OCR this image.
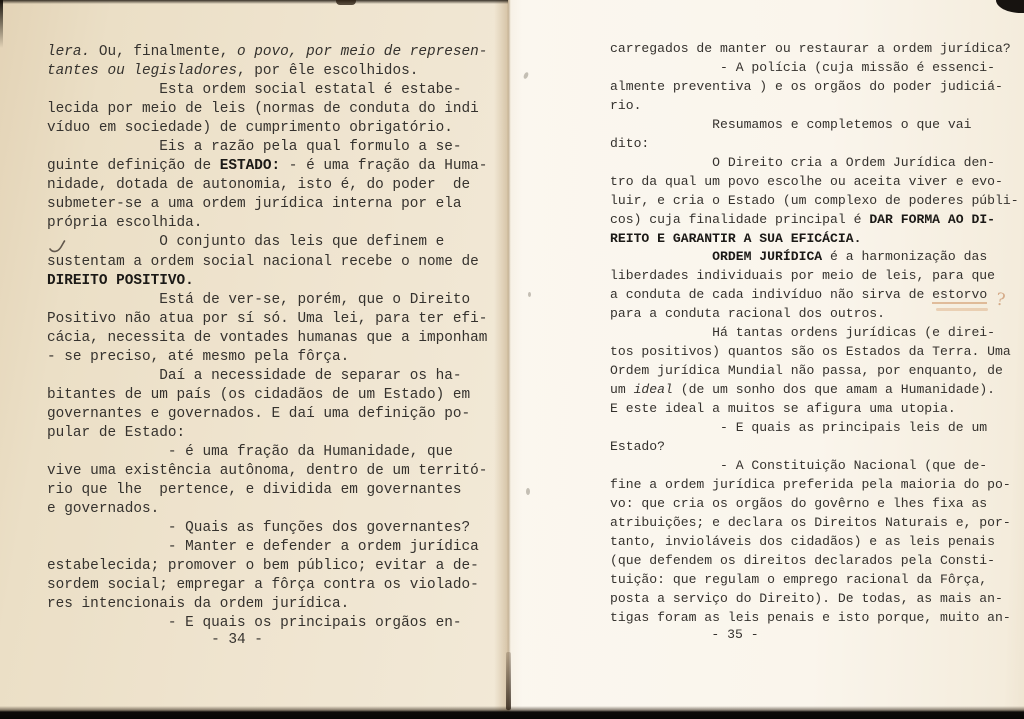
lera. Ou, finalmente, o povo, por meio de represen-
tantes ou legisladores, por êle escolhidos.
Esta ordem social estatal é estabe-
lecida por meio de leis (normas de conduta do indi
víduo em sociedade) de cumprimento obrigatório.
Eis a razão pela qual formulo a se-
guinte definição de ESTADO: - é uma fração da Huma-
nidade, dotada de autonomia, isto é, do poder  de
submeter-se a uma ordem jurídica interna por ela
própria escolhida.
O conjunto das leis que definem e
sustentam a ordem social nacional recebe o nome de
DIREITO POSITIVO.
Está de ver-se, porém, que o Direito
Positivo não atua por sí só. Uma lei, para ter efi-
cácia, necessita de vontades humanas que a imponham
- se preciso, até mesmo pela fôrça.
Daí a necessidade de separar os ha-
bitantes de um país (os cidadãos de um Estado) em
governantes e governados. E daí uma definição po-
pular de Estado:
- é uma fração da Humanidade, que
vive uma existência autônoma, dentro de um territó-
rio que lhe  pertence, e dividida em governantes
e governados.
- Quais as funções dos governantes?
- Manter e defender a ordem jurídica
estabelecida; promover o bem público; evitar a de-
sordem social; empregar a fôrça contra os violado-
res intencionais da ordem jurídica.
- E quais os principais orgãos en-
- 34 -
carregados de manter ou restaurar a ordem jurídica?
- A polícia (cuja missão é essenci-
almente preventiva ) e os orgãos do poder judiciá-
rio.
Resumamos e completemos o que vai
dito:
O Direito cria a Ordem Jurídica den-
tro da qual um povo escolhe ou aceita viver e evo-
luir, e cria o Estado (um complexo de poderes públi-
cos) cuja finalidade principal é DAR FORMA AO DI-
REITO E GARANTIR A SUA EFICÁCIA.
ORDEM JURÍDICA é a harmonização das
liberdades individuais por meio de leis, para que
a conduta de cada indivíduo não sirva de estorvo
para a conduta racional dos outros.
Há tantas ordens jurídicas (e direi-
tos positivos) quantos são os Estados da Terra. Uma
Ordem jurídica Mundial não passa, por enquanto, de
um ideal (de um sonho dos que amam a Humanidade).
E este ideal a muitos se afigura uma utopia.
- E quais as principais leis de um
Estado?
- A Constituição Nacional (que de-
fine a ordem jurídica preferida pela maioria do po-
vo: que cria os orgãos do govêrno e lhes fixa as
atribuições; e declara os Direitos Naturais e, por-
tanto, invioláveis dos cidadãos) e as leis penais
(que defendem os direitos declarados pela Consti-
tuição: que regulam o emprego racional da Fôrça,
posta a serviço do Direito). De todas, as mais an-
tigas foram as leis penais e isto porque, muito an-
- 35 -
?
